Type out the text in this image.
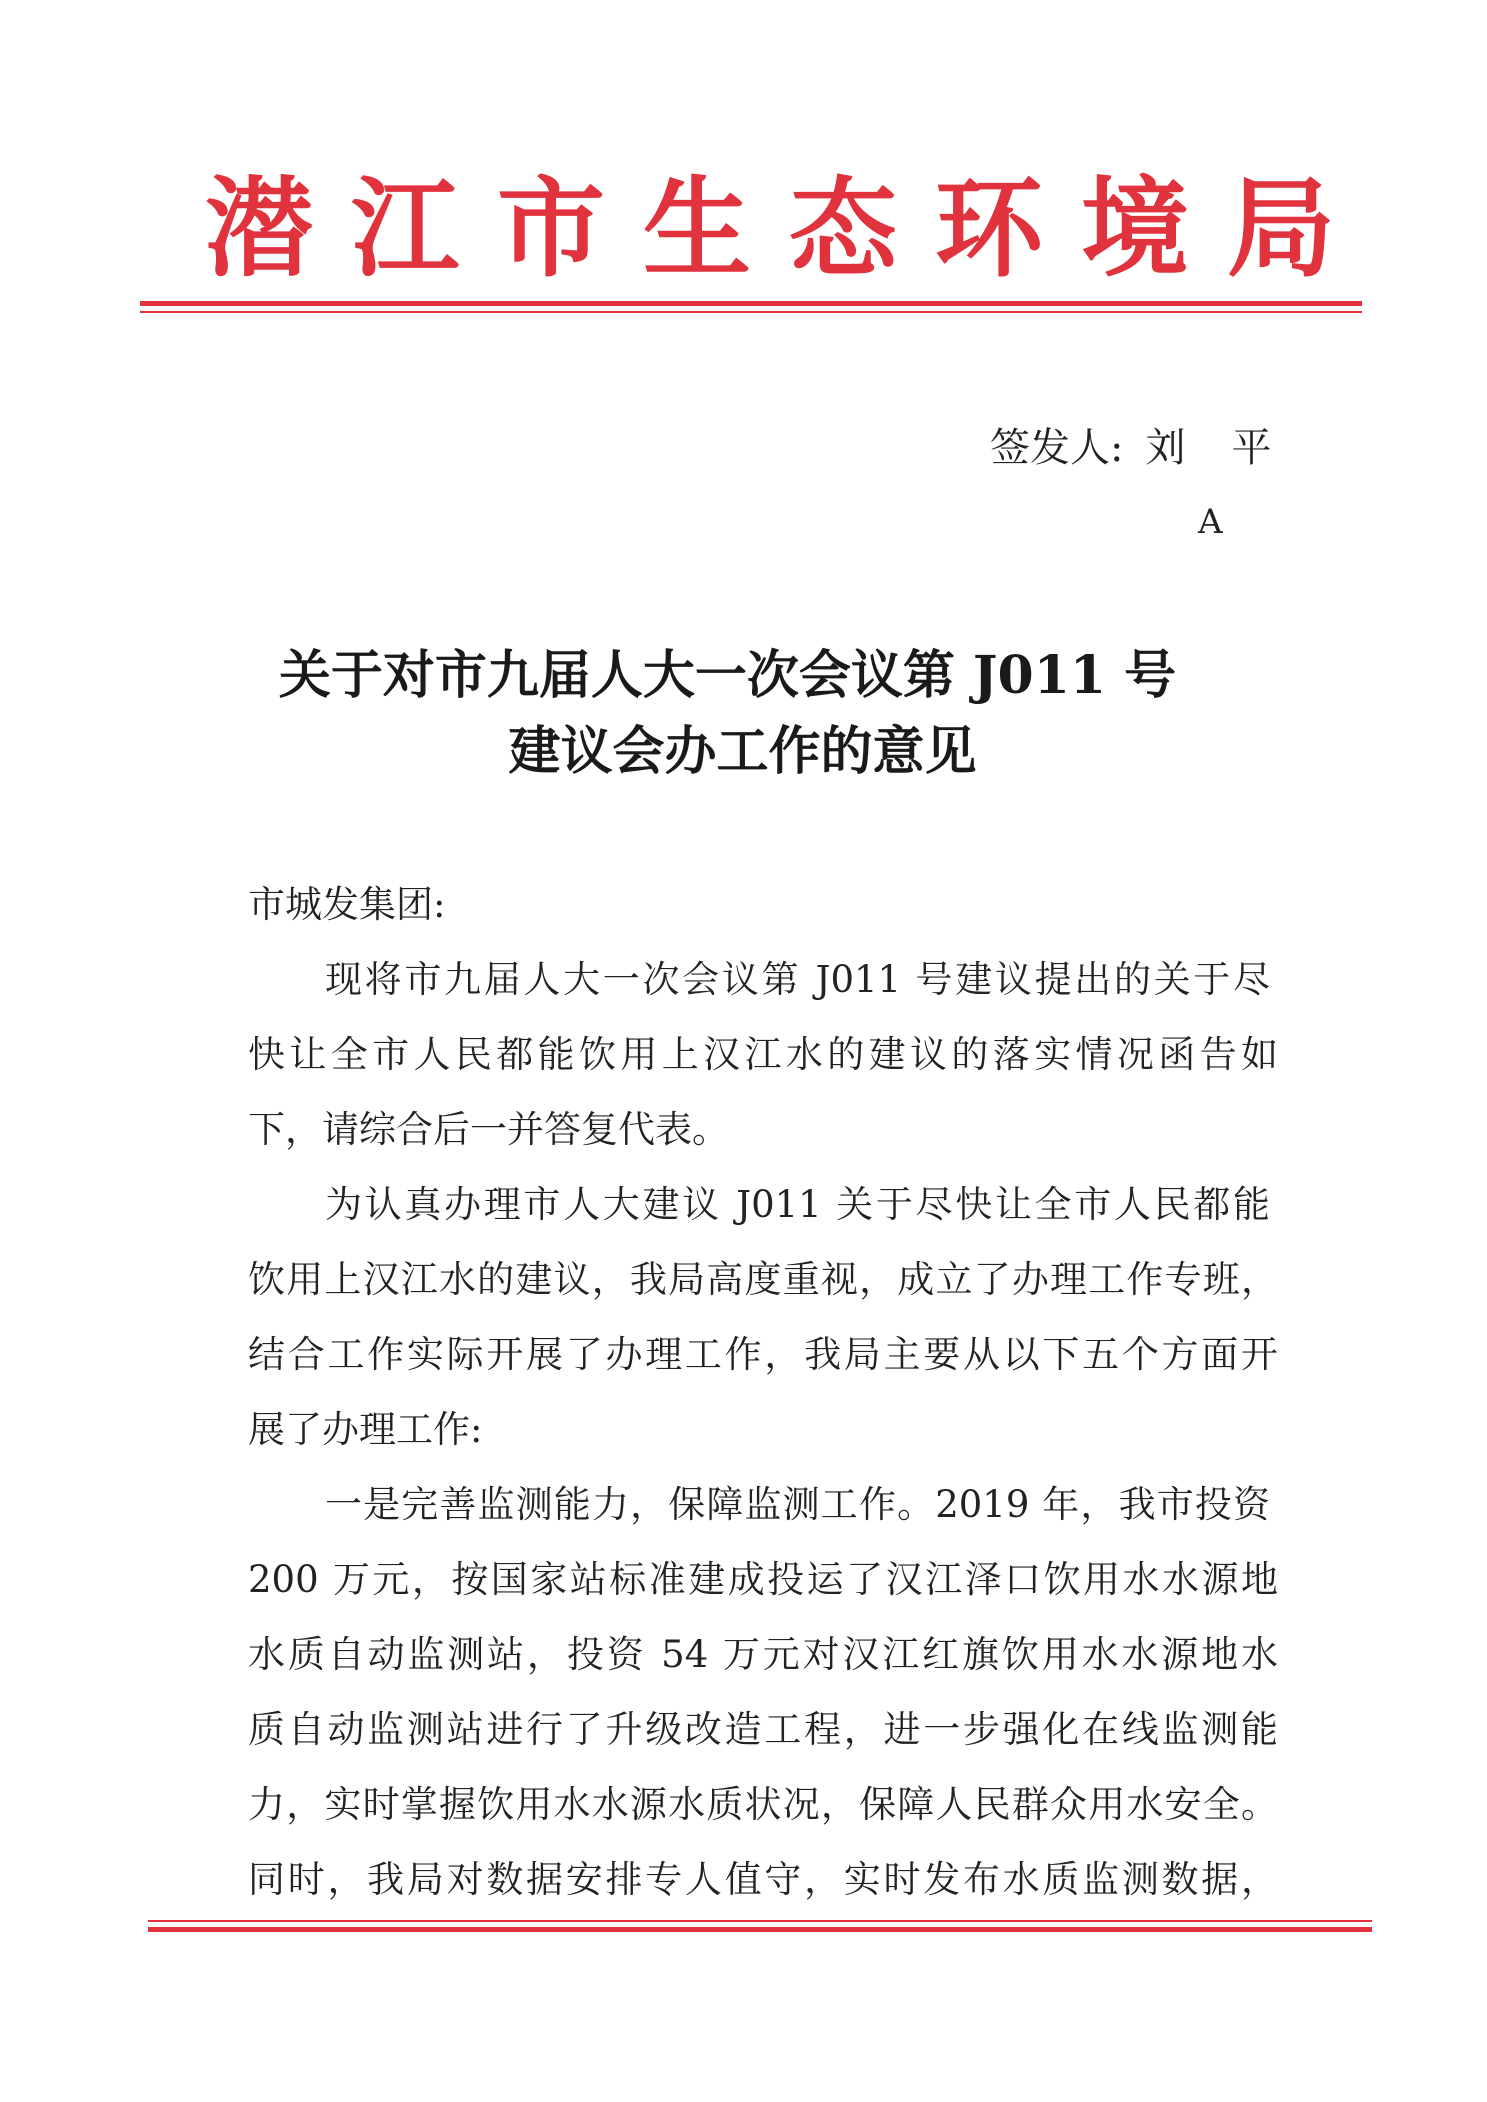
潜江市生态环境局
签发人: 刘平
A
关于对市九届人大一次会议第 J011 号
建议会办工作的意见
市城发集团:
现将市九届人大一次会议第 J011 号建议提出的关于尽
快让全市人民都能饮用上汉江水的建议的落实情况函告如
下，请综合后一并答复代表。
为认真办理市人大建议 J011 关于尽快让全市人民都能
饮用上汉江水的建议，我局高度重视，成立了办理工作专班，
结合工作实际开展了办理工作，我局主要从以下五个方面开
展了办理工作:
一是完善监测能力，保障监测工作。2019 年，我市投资
200 万元，按国家站标准建成投运了汉江泽口饮用水水源地
水质自动监测站，投资 54 万元对汉江红旗饮用水水源地水
质自动监测站进行了升级改造工程，进一步强化在线监测能
力，实时掌握饮用水水源水质状况，保障人民群众用水安全。
同时，我局对数据安排专人值守，实时发布水质监测数据，
